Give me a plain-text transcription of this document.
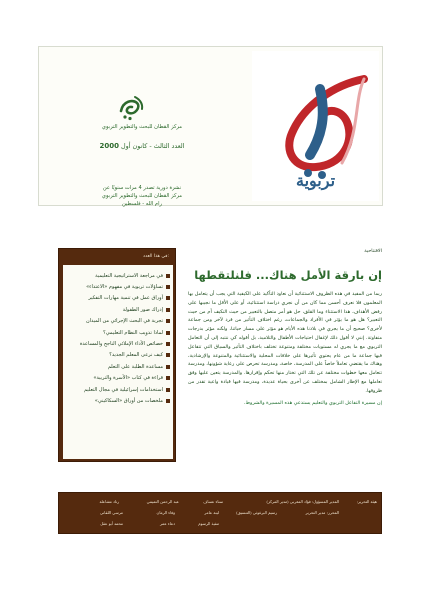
مركز القطان للبحث والتطوير التربوي
العدد الثالث - كانون أول 2000
نشرة دورية تصدر 4 مرات سنويًا عن
مركز القطان للبحث والتطوير التربوي
رام الله - فلسطين
تربوية
في هذا العدد:
في مراجعة الاستراتيجية التعليمية
تساؤلات تربوية في مفهوم «الاعتداء»
أوراق عمل في تنمية مهارات التفكير
إدراك صور الطفولة
تجربة في البحث الإجرائي من الميدان
لماذا تذويب النظام التعليمي؟
خصائص الأداء الإملائي الناجح والمساعدة
كيف نرعى المعلم الجديد؟
مساعدة الطلبة على التعلم
قراءة في كتاب «الأسرة والتربية»
استخدامات إسرائيلية في مجال التعليم
ملخصات من أوراق «السكاكيني»
الافتتاحية
إن بارقة الأمل هناك... فلنلتقطها

ربما من المفيد في هذه الظروف الاستثنائية أن نعاود التأكيد على الكيفية التي يجب أن يتعامل بها المعلمون فلا نعرف أحسن مما كان من أن نجري دراسة استثنائية، أو على الأقل ما نجيبها على رفض الأهداف، هذا الاستثناء وما القلق، حل هو أمر متصل بالتعبير من حيث التكيف أم من حيث التعبير؟ هل هو ما يؤثر في الأفراد والجماعات، رغم اختلاف التأثير من فرد لآخر ومن جماعة لأخرى؟ صحيح أن ما يجري في بلادنا هذه الأيام هو مؤثر على مسار حياتنا، ولكنه مؤثر بدرجات متفاوتة. إنني لا أقول ذلك لإغفال احتياجات الأطفال والتلاميذ، بل أقوله كي ننتبه إلى أن التعامل التربوي مع ما يجري له مستويات مختلفة ومتنوعة تختلف باختلاف التأثير والسياق التي تتفاعل فيها جماعة ما من عام يحتوي تأثيرها على خلافات المحلية والاستثنائية والمتنوعة والإرشادية، وهناك ما يقتضي تعاملاً خاصاً على المدرسة، خاصة، ومدرسة تحرص على رعاية شؤونها، ومدرسة تتعامل معها خطوات مختلفة عن تلك التي تختار منها تحكم وإقرارها. والمدرسة يتعين عليها وفق تعاملها مع الإطار الشامل بمختلف عن أخرى بحياة عديدة، ومدرسة فيها قيادة واعية تقدر من ظروفها.

إن مسيرة التفاعل التربوي والتعليم يستدعي هذه المسيرة والشروط.

هيئة التحرير:
المدير المسؤول: فؤاد المغربي (مدير المركز)
سناء عساف
عبد الرحمن التميمي
رناد مشاعلة
المحرر: مدير التحرير
رسيم البرغوثي (التنسيق)
لينة عامر
وفاء الرمان
مرسي اللقاني
تنفيذ الرسوم
دعاء عمر
محمد أبو عقل
